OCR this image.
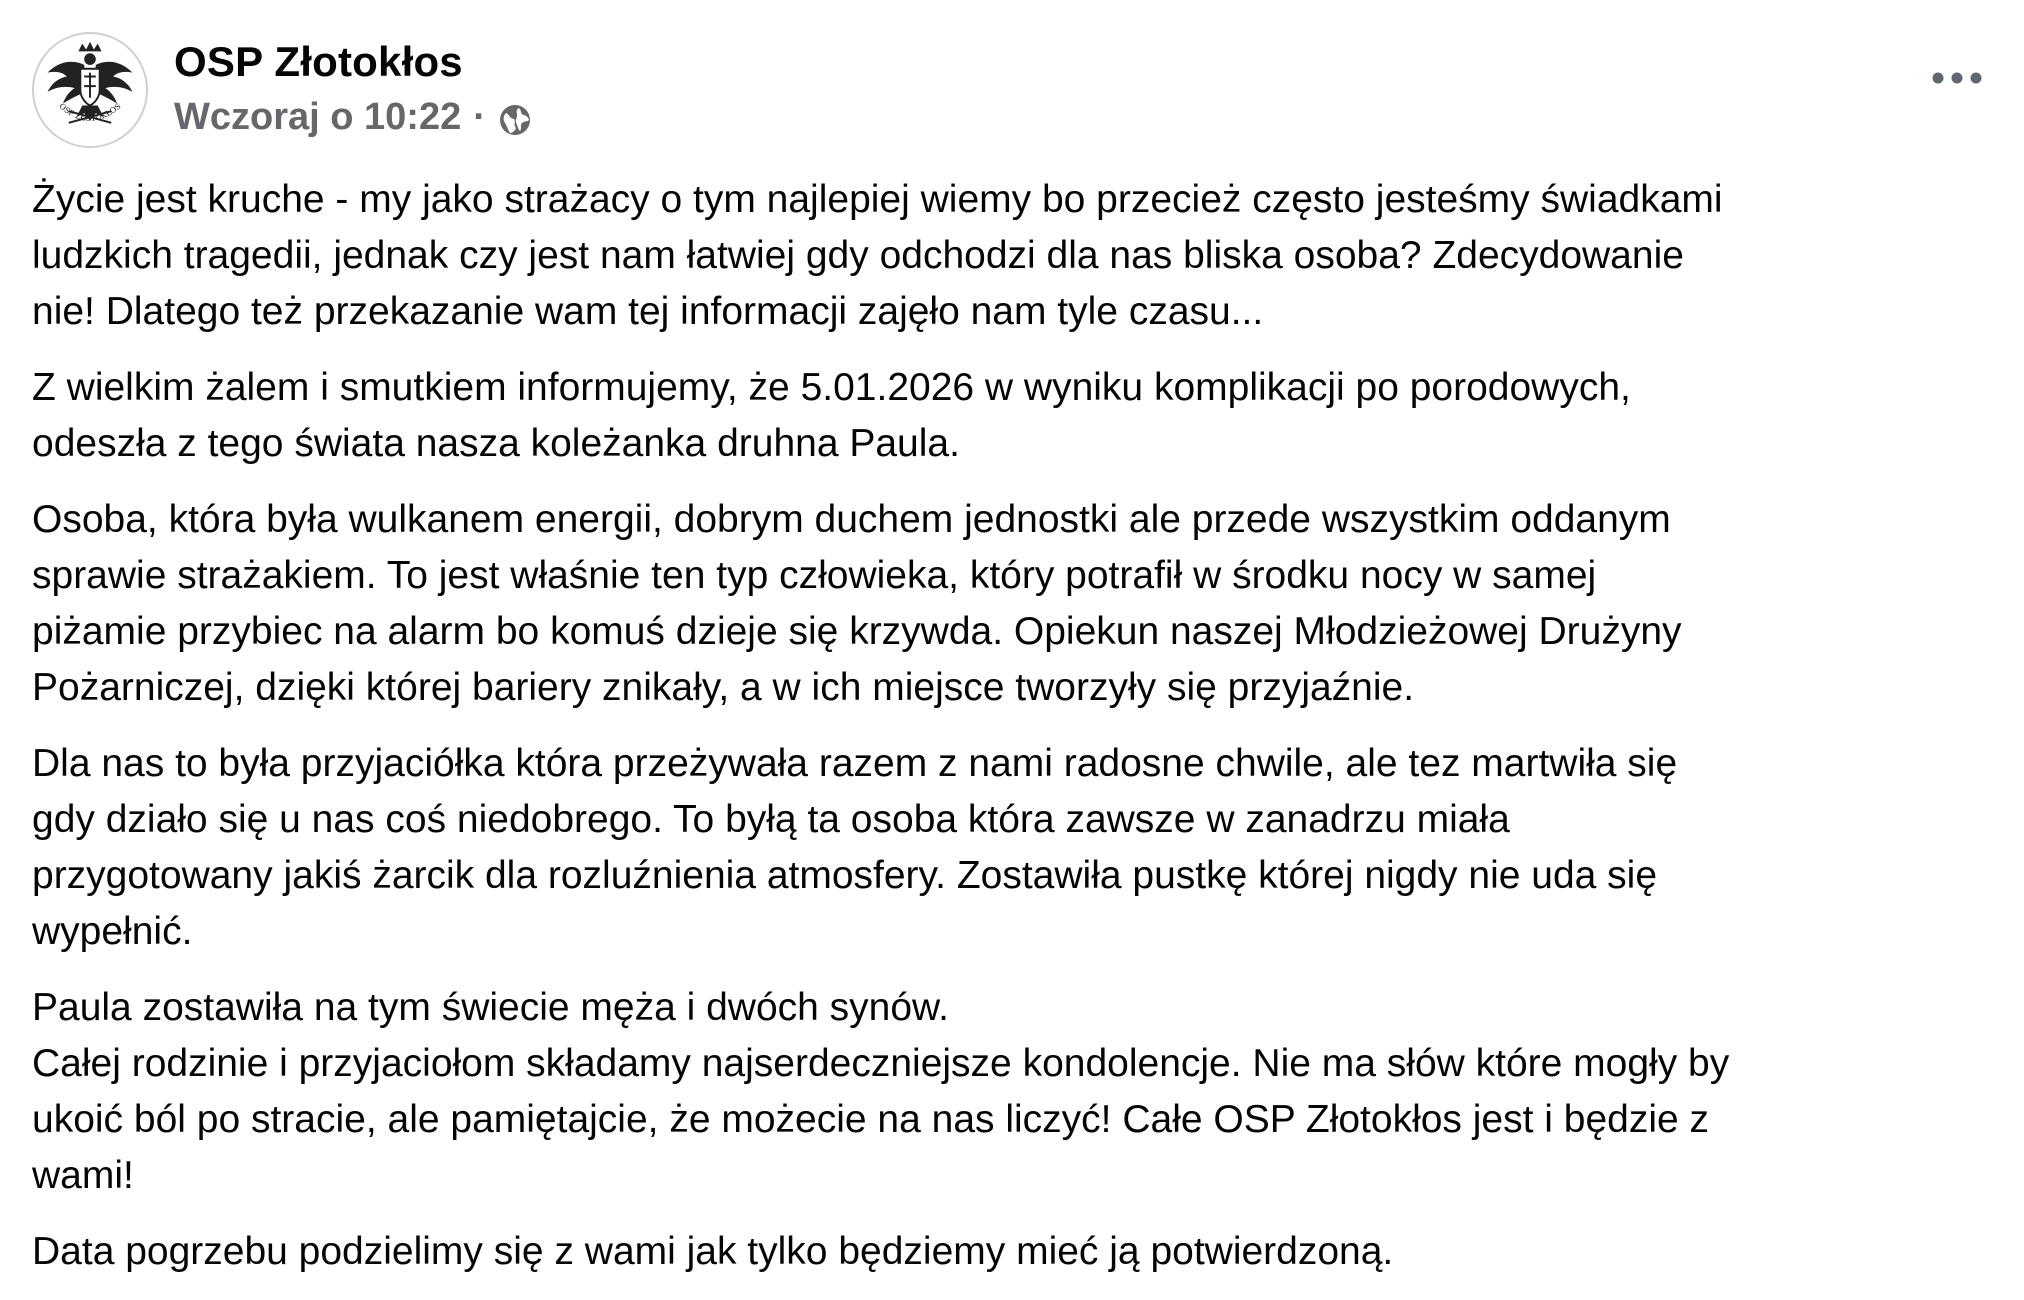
OSP ZŁOTOKŁOS
OSP Złotokłos
Wczoraj o 10:22 ·

Życie jest kruche - my jako strażacy o tym najlepiej wiemy bo przecież często jesteśmy świadkami
ludzkich tragedii, jednak czy jest nam łatwiej gdy odchodzi dla nas bliska osoba? Zdecydowanie
nie! Dlatego też przekazanie wam tej informacji zajęło nam tyle czasu...

Z wielkim żalem i smutkiem informujemy, że 5.01.2026 w wyniku komplikacji po porodowych,
odeszła z tego świata nasza koleżanka druhna Paula.

Osoba, która była wulkanem energii, dobrym duchem jednostki ale przede wszystkim oddanym
sprawie strażakiem. To jest właśnie ten typ człowieka, który potrafił w środku nocy w samej
piżamie przybiec na alarm bo komuś dzieje się krzywda. Opiekun naszej Młodzieżowej Drużyny
Pożarniczej, dzięki której bariery znikały, a w ich miejsce tworzyły się przyjaźnie.

Dla nas to była przyjaciółka która przeżywała razem z nami radosne chwile, ale tez martwiła się
gdy działo się u nas coś niedobrego. To byłą ta osoba która zawsze w zanadrzu miała
przygotowany jakiś żarcik dla rozluźnienia atmosfery. Zostawiła pustkę której nigdy nie uda się
wypełnić.

Paula zostawiła na tym świecie męża i dwóch synów.
Całej rodzinie i przyjaciołom składamy najserdeczniejsze kondolencje. Nie ma słów które mogły by
ukoić ból po stracie, ale pamiętajcie, że możecie na nas liczyć! Całe OSP Złotokłos jest i będzie z
wami!

Data pogrzebu podzielimy się z wami jak tylko będziemy mieć ją potwierdzoną.
